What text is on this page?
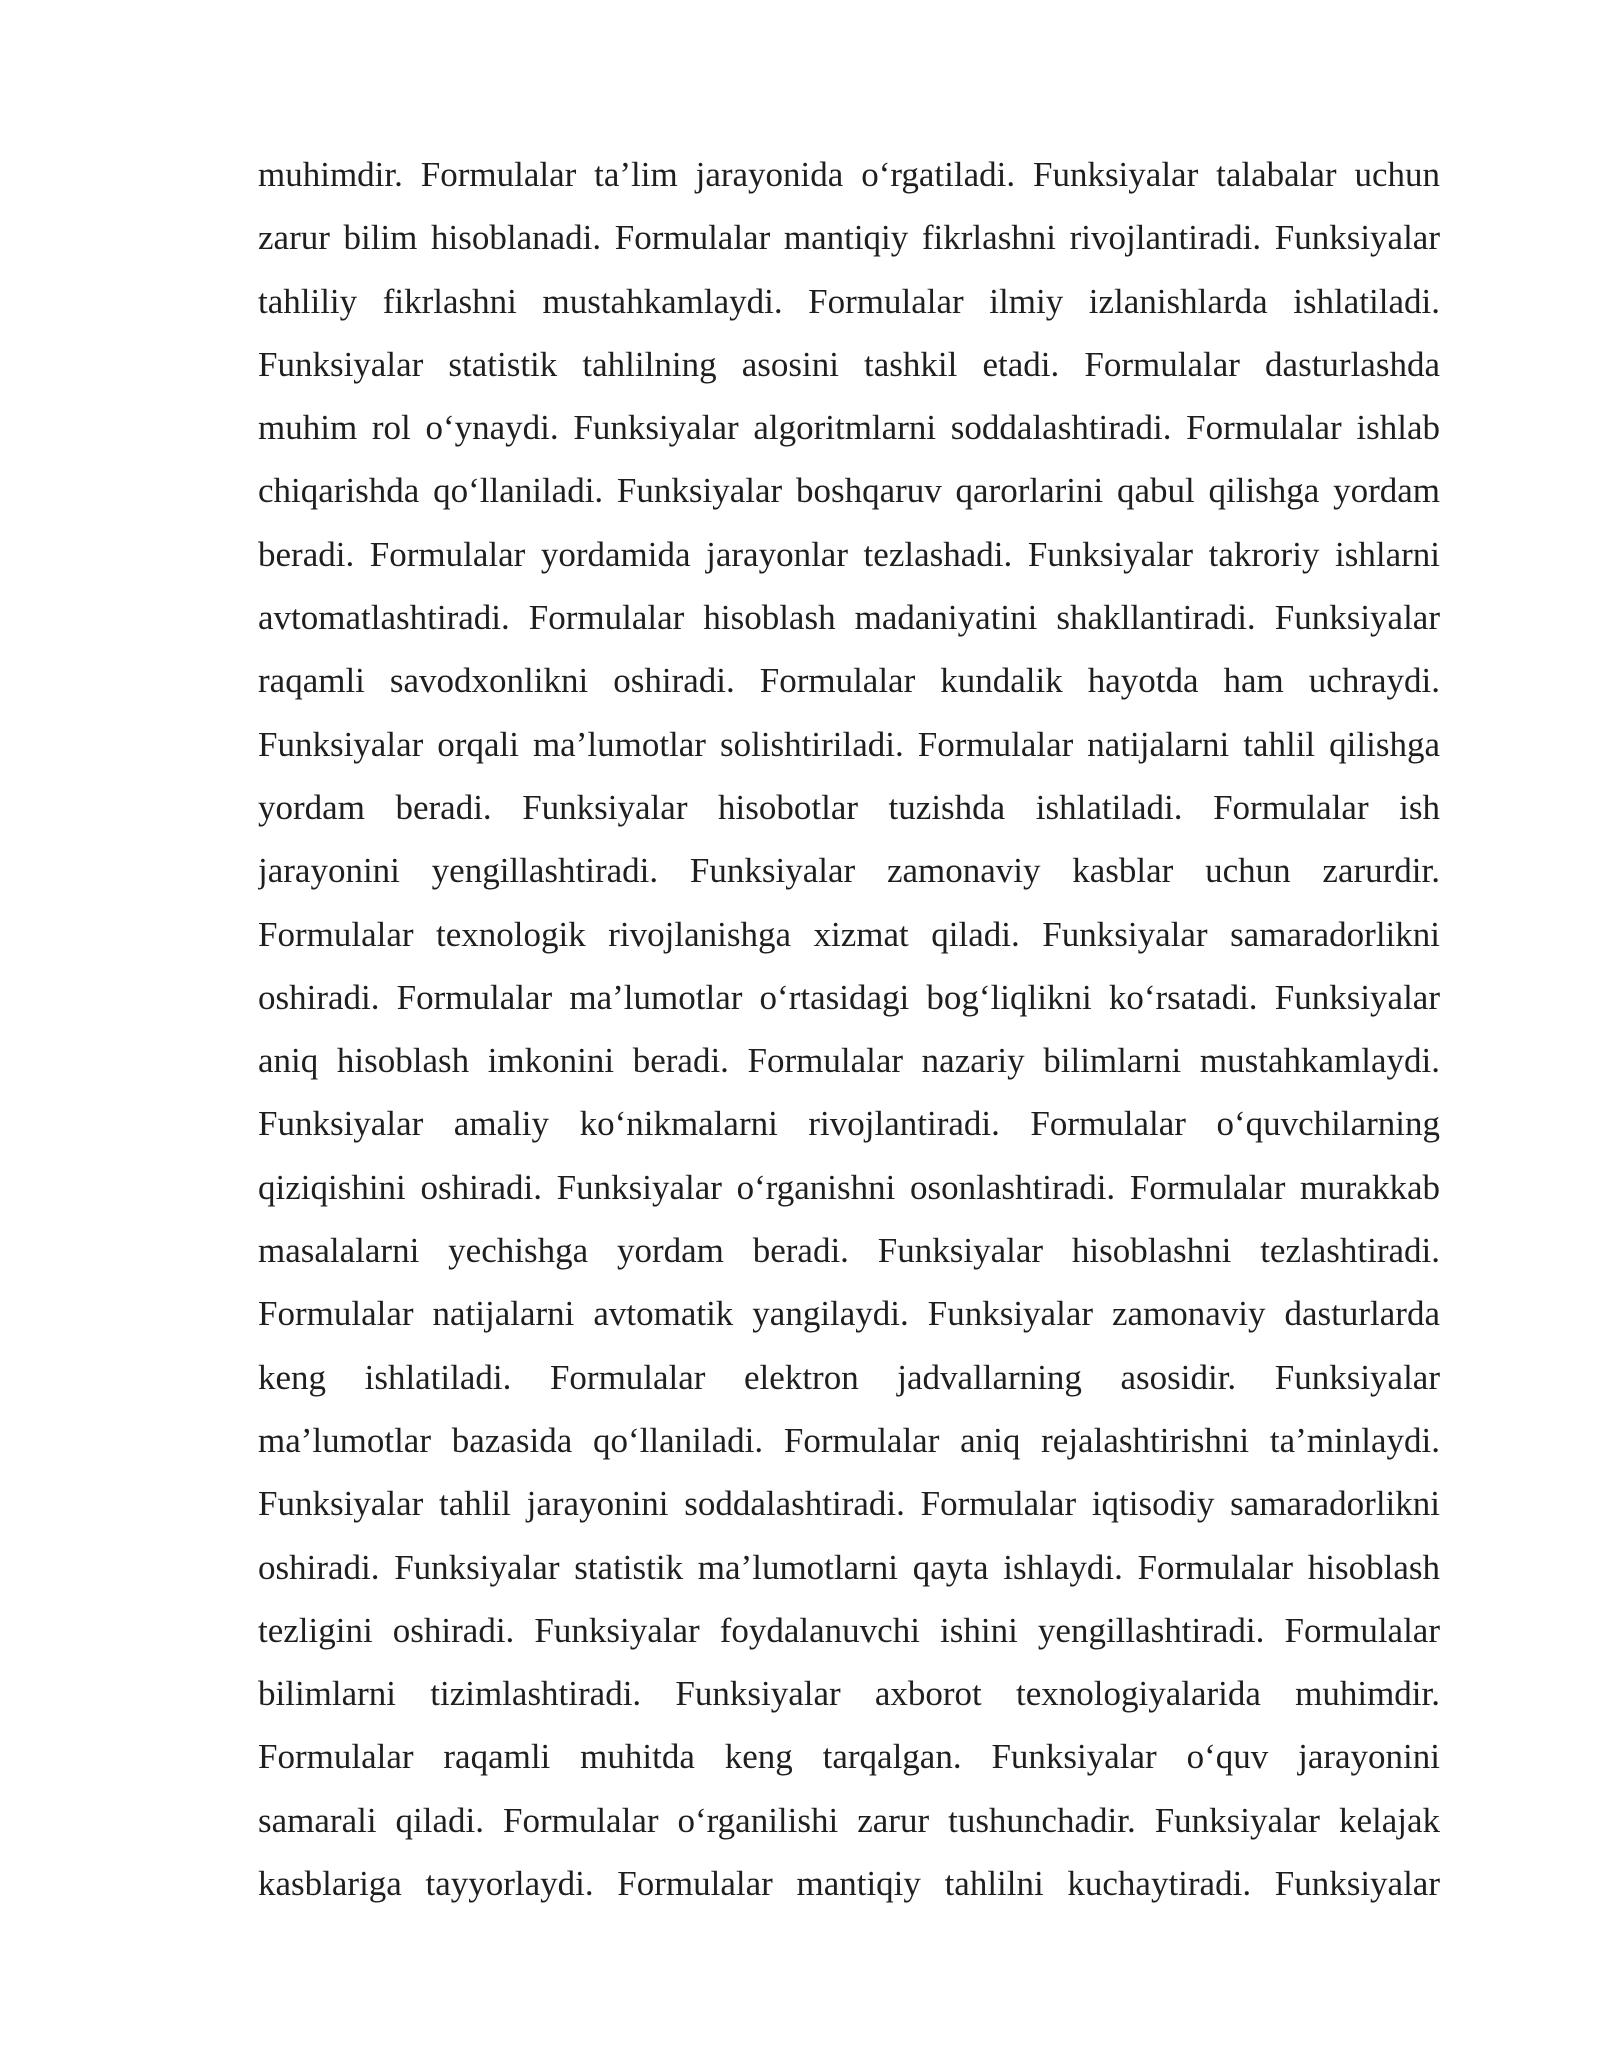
muhimdir. Formulalar ta’lim jarayonida o‘rgatiladi. Funksiyalar talabalar uchun
zarur bilim hisoblanadi. Formulalar mantiqiy fikrlashni rivojlantiradi. Funksiyalar
tahliliy fikrlashni mustahkamlaydi. Formulalar ilmiy izlanishlarda ishlatiladi.
Funksiyalar statistik tahlilning asosini tashkil etadi. Formulalar dasturlashda
muhim rol o‘ynaydi. Funksiyalar algoritmlarni soddalashtiradi. Formulalar ishlab
chiqarishda qo‘llaniladi. Funksiyalar boshqaruv qarorlarini qabul qilishga yordam
beradi. Formulalar yordamida jarayonlar tezlashadi. Funksiyalar takroriy ishlarni
avtomatlashtiradi. Formulalar hisoblash madaniyatini shakllantiradi. Funksiyalar
raqamli savodxonlikni oshiradi. Formulalar kundalik hayotda ham uchraydi.
Funksiyalar orqali ma’lumotlar solishtiriladi. Formulalar natijalarni tahlil qilishga
yordam beradi. Funksiyalar hisobotlar tuzishda ishlatiladi. Formulalar ish
jarayonini yengillashtiradi. Funksiyalar zamonaviy kasblar uchun zarurdir.
Formulalar texnologik rivojlanishga xizmat qiladi. Funksiyalar samaradorlikni
oshiradi. Formulalar ma’lumotlar o‘rtasidagi bog‘liqlikni ko‘rsatadi. Funksiyalar
aniq hisoblash imkonini beradi. Formulalar nazariy bilimlarni mustahkamlaydi.
Funksiyalar amaliy ko‘nikmalarni rivojlantiradi. Formulalar o‘quvchilarning
qiziqishini oshiradi. Funksiyalar o‘rganishni osonlashtiradi. Formulalar murakkab
masalalarni yechishga yordam beradi. Funksiyalar hisoblashni tezlashtiradi.
Formulalar natijalarni avtomatik yangilaydi. Funksiyalar zamonaviy dasturlarda
keng ishlatiladi. Formulalar elektron jadvallarning asosidir. Funksiyalar
ma’lumotlar bazasida qo‘llaniladi. Formulalar aniq rejalashtirishni ta’minlaydi.
Funksiyalar tahlil jarayonini soddalashtiradi. Formulalar iqtisodiy samaradorlikni
oshiradi. Funksiyalar statistik ma’lumotlarni qayta ishlaydi. Formulalar hisoblash
tezligini oshiradi. Funksiyalar foydalanuvchi ishini yengillashtiradi. Formulalar
bilimlarni tizimlashtiradi. Funksiyalar axborot texnologiyalarida muhimdir.
Formulalar raqamli muhitda keng tarqalgan. Funksiyalar o‘quv jarayonini
samarali qiladi. Formulalar o‘rganilishi zarur tushunchadir. Funksiyalar kelajak
kasblariga tayyorlaydi. Formulalar mantiqiy tahlilni kuchaytiradi. Funksiyalar
